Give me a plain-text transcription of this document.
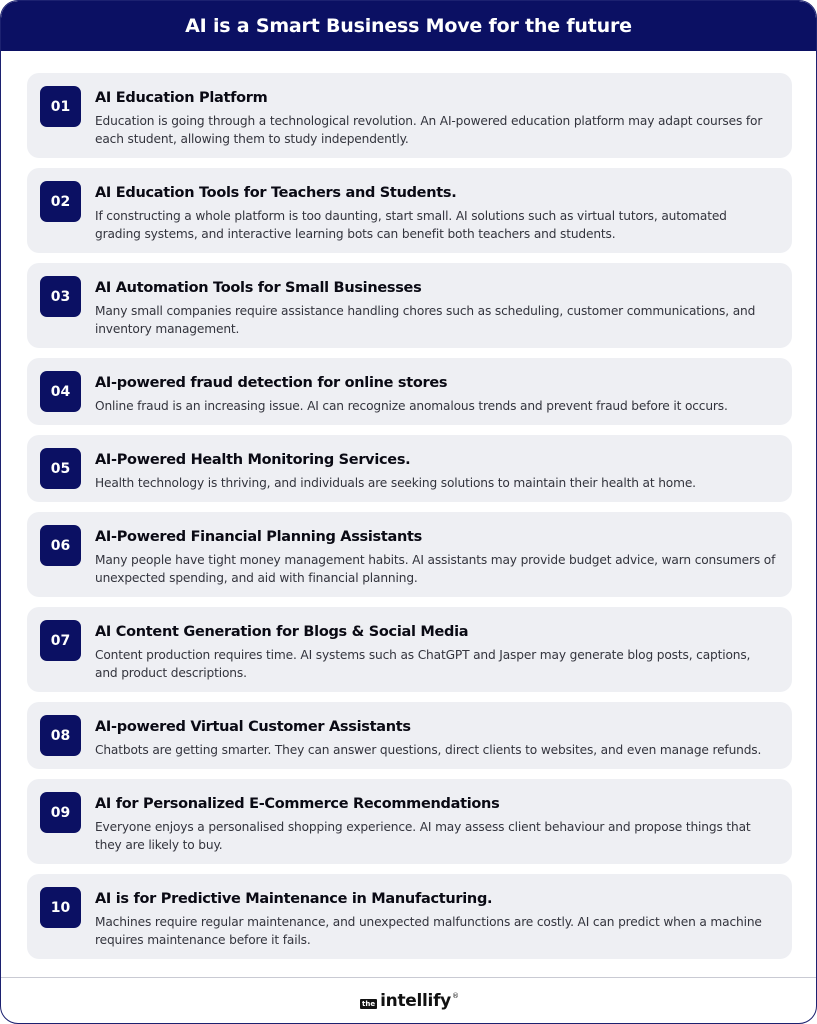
AI is a Smart Business Move for the future
01
AI Education Platform
Education is going through a technological revolution. An AI-powered education platform may adapt courses for each student, allowing them to study independently.
02
AI Education Tools for Teachers and Students.
If constructing a whole platform is too daunting, start small. AI solutions such as virtual tutors, automated grading systems, and interactive learning bots can benefit both teachers and students.
03
AI Automation Tools for Small Businesses
Many small companies require assistance handling chores such as scheduling, customer communications, and inventory management.
04
AI-powered fraud detection for online stores
Online fraud is an increasing issue. AI can recognize anomalous trends and prevent fraud before it occurs.
05
AI-Powered Health Monitoring Services.
Health technology is thriving, and individuals are seeking solutions to maintain their health at home.
06
AI-Powered Financial Planning Assistants
Many people have tight money management habits. AI assistants may provide budget advice, warn consumers of unexpected spending, and aid with financial planning.
07
AI Content Generation for Blogs & Social Media
Content production requires time. AI systems such as ChatGPT and Jasper may generate blog posts, captions, and product descriptions.
08
AI-powered Virtual Customer Assistants
Chatbots are getting smarter. They can answer questions, direct clients to websites, and even manage refunds.
09
AI for Personalized E-Commerce Recommendations
Everyone enjoys a personalised shopping experience. AI may assess client behaviour and propose things that they are likely to buy.
10
AI is for Predictive Maintenance in Manufacturing.
Machines require regular maintenance, and unexpected malfunctions are costly. AI can predict when a machine requires maintenance before it fails.
the intellify ®
